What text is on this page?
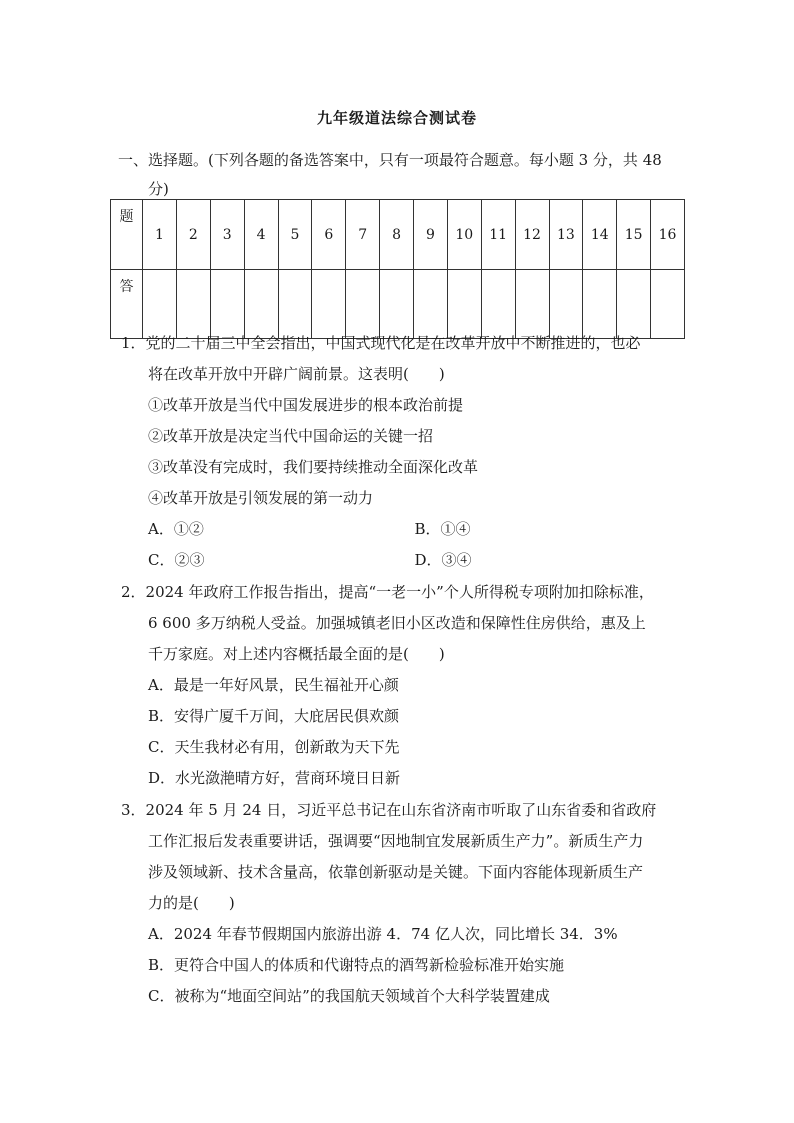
九年级道法综合测试卷
一、选择题。(下列各题的备选答案中，只有一项最符合题意。每小题 3 分，共 48
分)
题	1	2	3	4	5	6	7	8	9	10	11	12	13	14	15	16
答																
1．党的二十届三中全会指出，中国式现代化是在改革开放中不断推进的，也必
将在改革开放中开辟广阔前景。这表明(　　)
①改革开放是当代中国发展进步的根本政治前提
②改革开放是决定当代中国命运的关键一招
③改革没有完成时，我们要持续推动全面深化改革
④改革开放是引领发展的第一动力
A．①②	B．①④
C．②③	D．③④
2．2024 年政府工作报告指出，提高“一老一小”个人所得税专项附加扣除标准，
6 600 多万纳税人受益。加强城镇老旧小区改造和保障性住房供给，惠及上
千万家庭。对上述内容概括最全面的是(　　)
A．最是一年好风景，民生福祉开心颜
B．安得广厦千万间，大庇居民俱欢颜
C．天生我材必有用，创新敢为天下先
D．水光潋滟晴方好，营商环境日日新
3．2024 年 5 月 24 日，习近平总书记在山东省济南市听取了山东省委和省政府
工作汇报后发表重要讲话，强调要“因地制宜发展新质生产力”。新质生产力
涉及领域新、技术含量高，依靠创新驱动是关键。下面内容能体现新质生产
力的是(　　)
A．2024 年春节假期国内旅游出游 4．74 亿人次，同比增长 34．3%
B．更符合中国人的体质和代谢特点的酒驾新检验标准开始实施
C．被称为“地面空间站”的我国航天领域首个大科学装置建成
